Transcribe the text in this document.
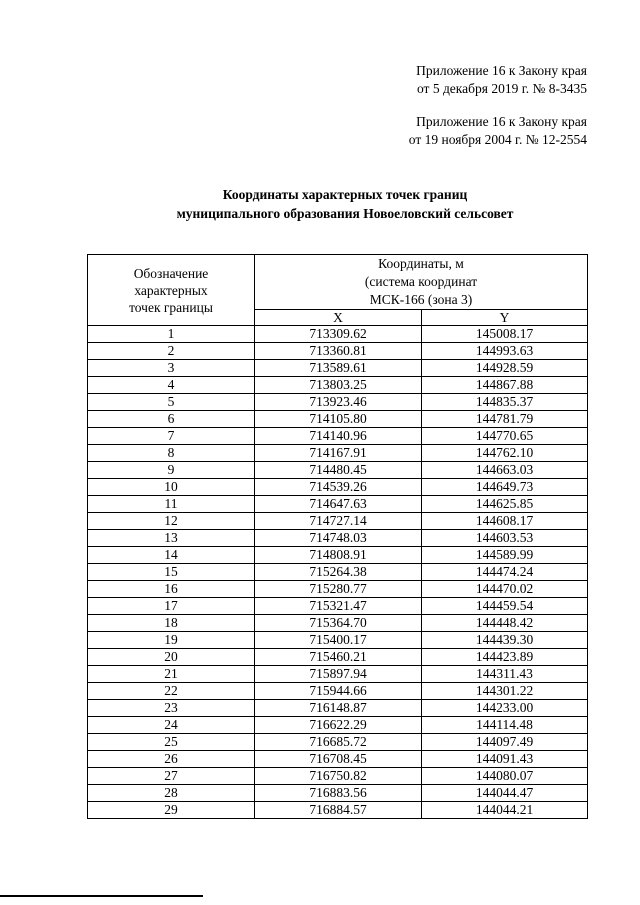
Приложение 16 к Закону края
от 5 декабря 2019 г. № 8-3435
Приложение 16 к Закону края
от 19 ноября 2004 г. № 12-2554
Координаты характерных точек границ
муниципального образования Новоеловский сельсовет
Обозначение
характерных
точек границы	Координаты, м
(система координат
МСК-166 (зона 3)	

	X	Y
1	713309.62	145008.17
2	713360.81	144993.63
3	713589.61	144928.59
4	713803.25	144867.88
5	713923.46	144835.37
6	714105.80	144781.79
7	714140.96	144770.65
8	714167.91	144762.10
9	714480.45	144663.03
10	714539.26	144649.73
11	714647.63	144625.85
12	714727.14	144608.17
13	714748.03	144603.53
14	714808.91	144589.99
15	715264.38	144474.24
16	715280.77	144470.02
17	715321.47	144459.54
18	715364.70	144448.42
19	715400.17	144439.30
20	715460.21	144423.89
21	715897.94	144311.43
22	715944.66	144301.22
23	716148.87	144233.00
24	716622.29	144114.48
25	716685.72	144097.49
26	716708.45	144091.43
27	716750.82	144080.07
28	716883.56	144044.47
29	716884.57	144044.21
